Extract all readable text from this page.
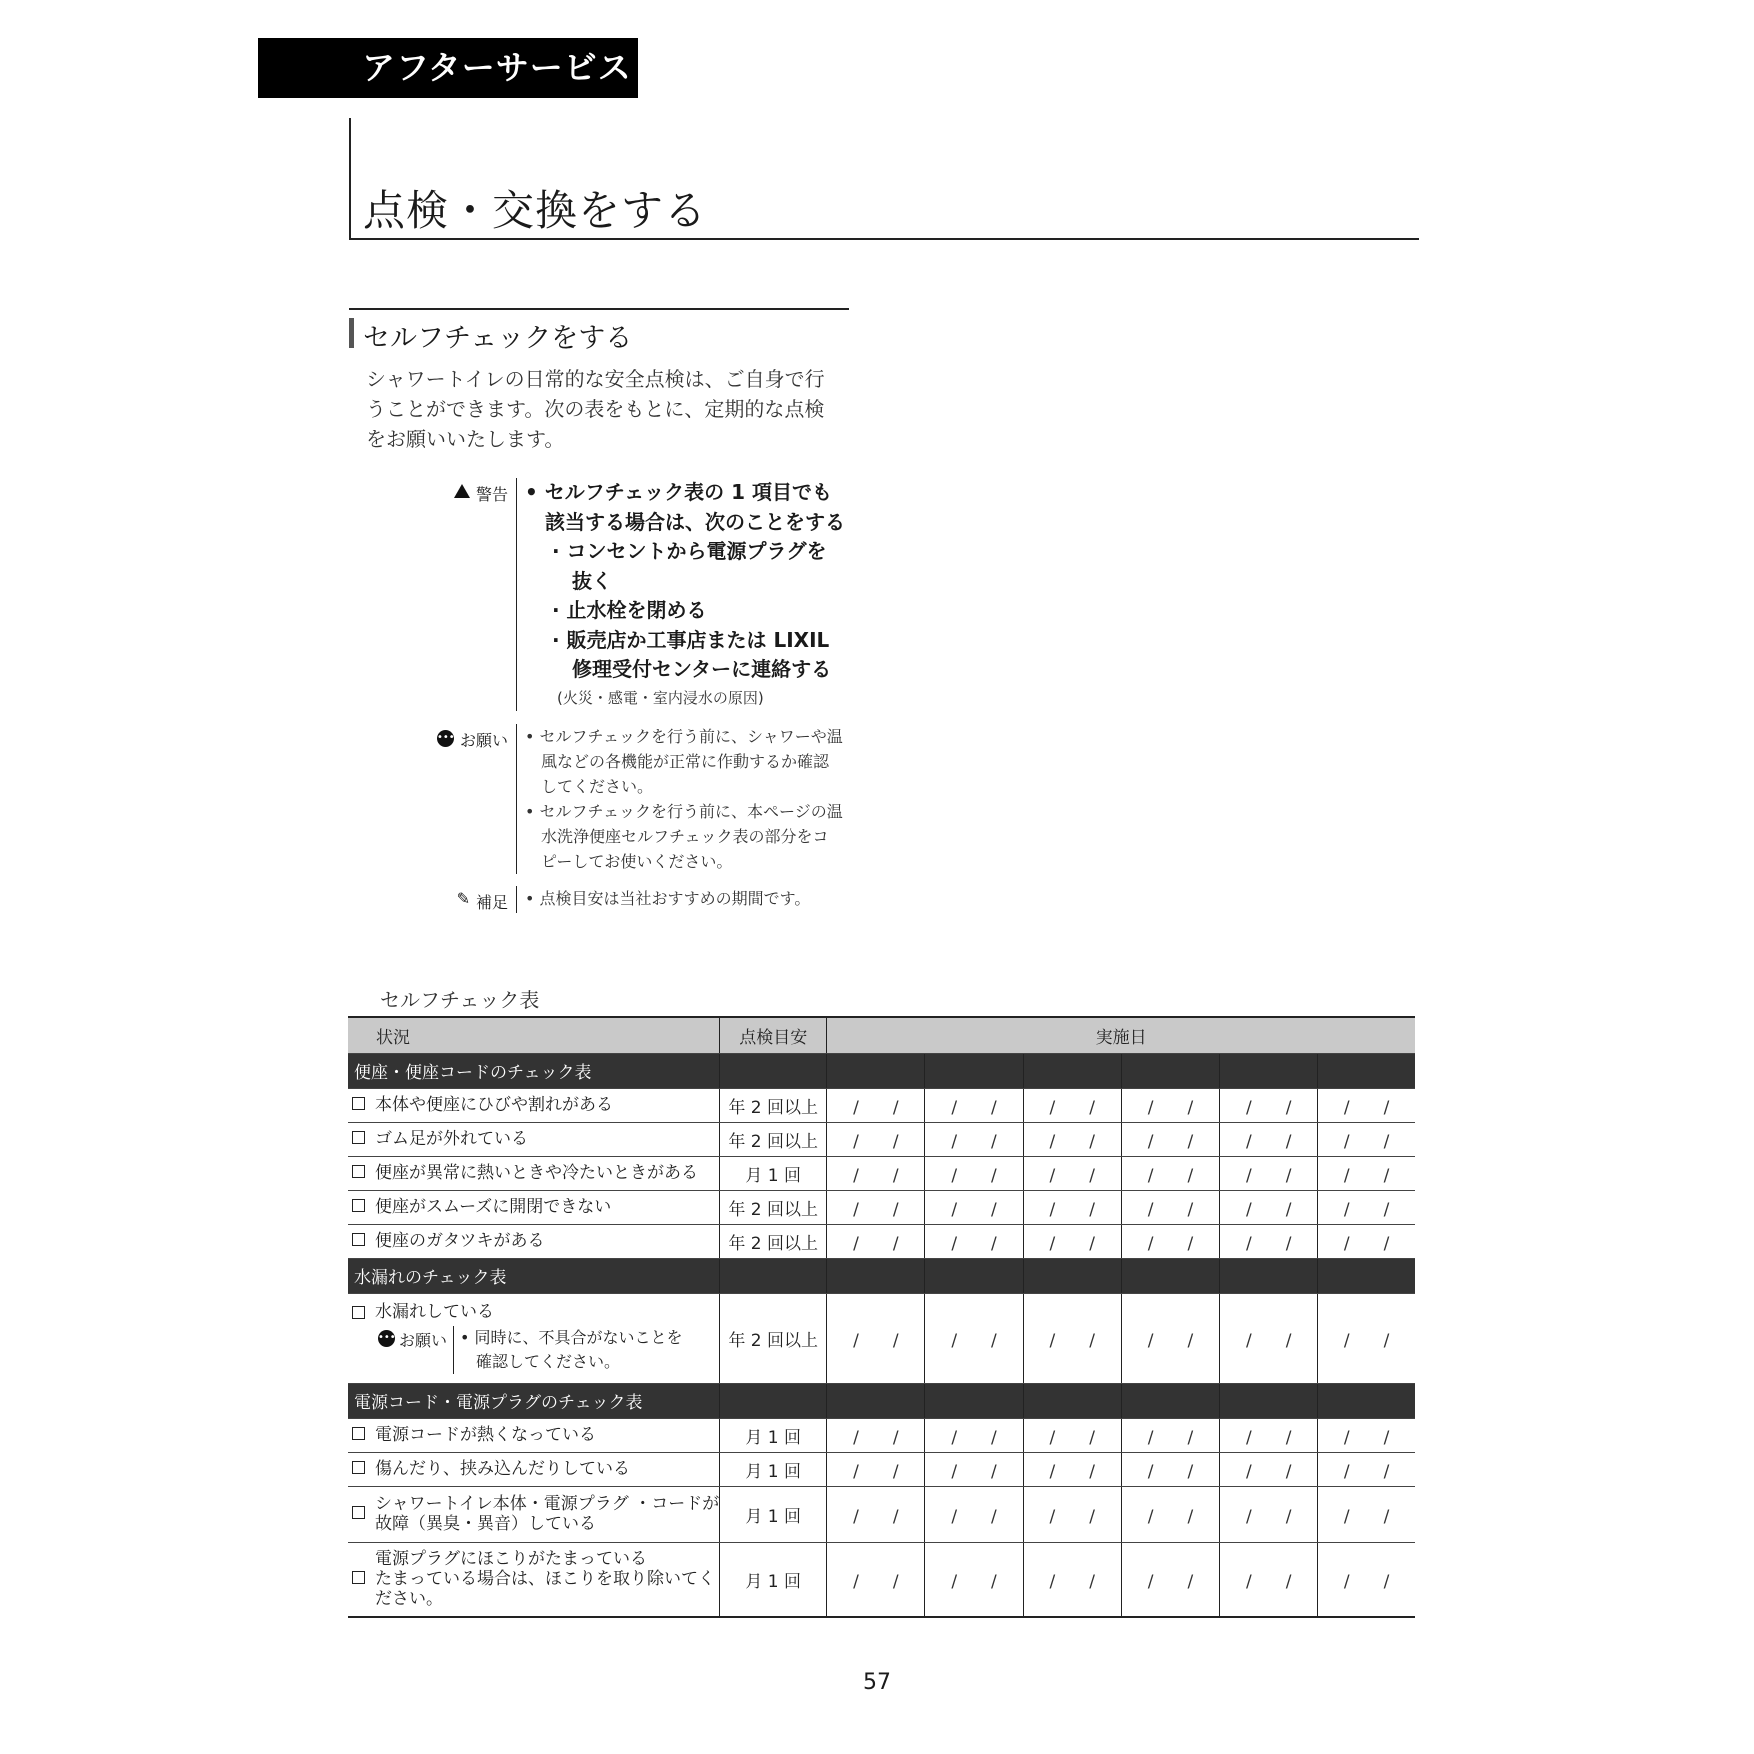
アフターサービス
点検・交換をする
セルフチェックをする

シャワートイレの日常的な安全点検は、ご自身で行

うことができます。次の表をもとに、定期的な点検

をお願いいたします。

警告 • セルフチェック表の 1 項目でも
　該当する場合は、次のことをする
　 · コンセントから電源プラグを
　 　抜く
　 · 止水栓を閉める
　 · 販売店か工事店または LIXIL
　 　修理受付センターに連絡する
(火災・感電・室内浸水の原因)
••• お願い • セルフチェックを行う前に、シャワーや温
　風などの各機能が正常に作動するか確認
　してください。
• セルフチェックを行う前に、本ページの温
　水洗浄便座セルフチェック表の部分をコ
　ピーしてお使いください。
✎ 補足 • 点検目安は当社おすすめの期間です。
セルフチェック表
状況	点検目安	実施日					
便座・便座コードのチェック表							

本体や便座にひびや割れがある	年 2 回以上	/　　/	/　　/	/　　/	/　　/	/　　/	/　　/

ゴム足が外れている	年 2 回以上	/　　/	/　　/	/　　/	/　　/	/　　/	/　　/

便座が異常に熱いときや冷たいときがある	月 1 回	/　　/	/　　/	/　　/	/　　/	/　　/	/　　/

便座がスムーズに開閉できない	年 2 回以上	/　　/	/　　/	/　　/	/　　/	/　　/	/　　/

便座のガタツキがある	年 2 回以上	/　　/	/　　/	/　　/	/　　/	/　　/	/　　/
水漏れのチェック表							

水漏れしている
••• お願い • 同時に、不具合がないことを
　確認してください。	年 2 回以上	/　　/	/　　/	/　　/	/　　/	/　　/	/　　/
電源コード・電源プラグのチェック表							

電源コードが熱くなっている	月 1 回	/　　/	/　　/	/　　/	/　　/	/　　/	/　　/

傷んだり、挟み込んだりしている	月 1 回	/　　/	/　　/	/　　/	/　　/	/　　/	/　　/

シャワートイレ本体・電源プラグ ・コードが
故障（異臭・異音）している	月 1 回	/　　/	/　　/	/　　/	/　　/	/　　/	/　　/

電源プラグにほこりがたまっている
たまっている場合は、ほこりを取り除いてく
ださい。	月 1 回	/　　/	/　　/	/　　/	/　　/	/　　/	/　　/
57
